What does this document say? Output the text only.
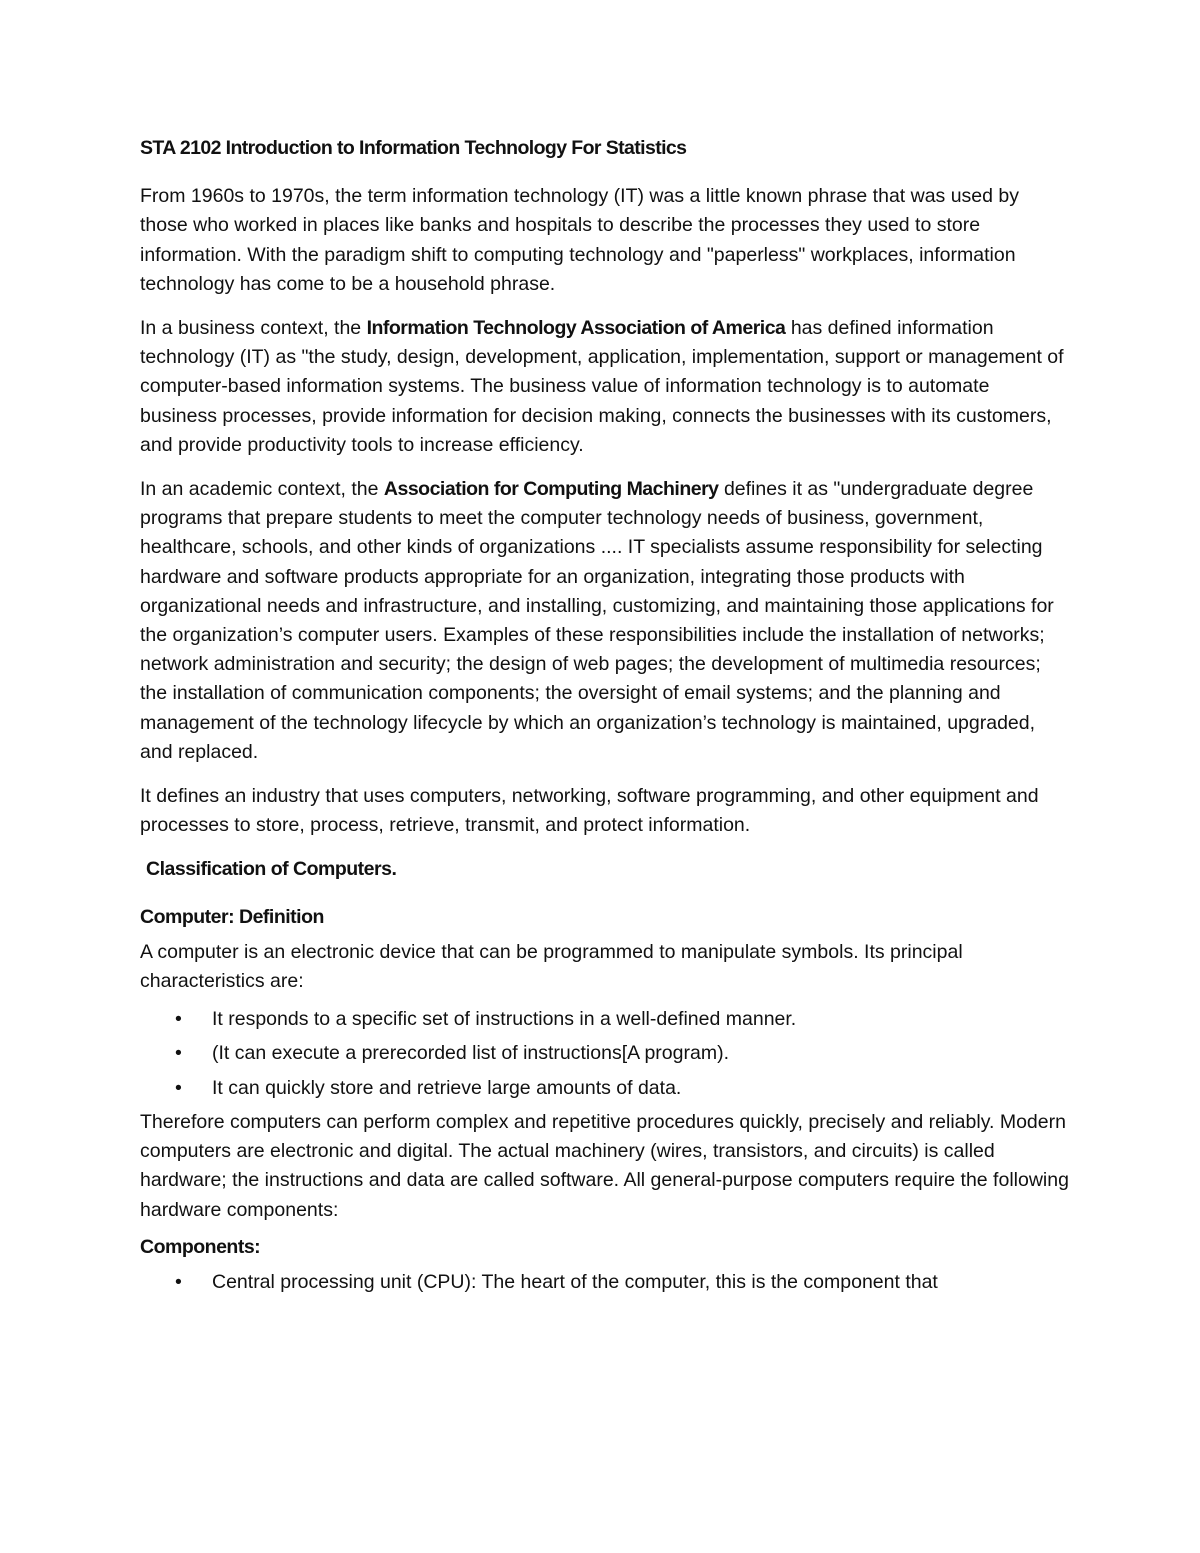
STA 2102 Introduction to Information Technology For Statistics

From 1960s to 1970s, the term information technology (IT) was a little known phrase that was used by those who worked in places like banks and hospitals to describe the processes they used to store information. With the paradigm shift to computing technology and "paperless" workplaces, information technology has come to be a household phrase.

In a business context, the Information Technology Association of America has defined information technology (IT) as "the study, design, development, application, implementation, support or management of computer-based information systems. The business value of information technology is to automate business processes, provide information for decision making, connects the businesses with its customers, and provide productivity tools to increase efficiency.

In an academic context, the Association for Computing Machinery defines it as "undergraduate degree programs that prepare students to meet the computer technology needs of business, government, healthcare, schools, and other kinds of organizations .... IT specialists assume responsibility for selecting hardware and software products appropriate for an organization, integrating those products with organizational needs and infrastructure, and installing, customizing, and maintaining those applications for the organization’s computer users. Examples of these responsibilities include the installation of networks; network administration and security; the design of web pages; the development of multimedia resources; the installation of communication components; the oversight of email systems; and the planning and management of the technology lifecycle by which an organization’s technology is maintained, upgraded, and replaced.

It defines an industry that uses computers, networking, software programming, and other equipment and processes to store, process, retrieve, transmit, and protect information.

Classification of Computers.
Computer: Definition

A computer is an electronic device that can be programmed to manipulate symbols. Its principal characteristics are:

• It responds to a specific set of instructions in a well-defined manner.
• (It can execute a prerecorded list of instructions[A program).
• It can quickly store and retrieve large amounts of data.

Therefore computers can perform complex and repetitive procedures quickly, precisely and reliably. Modern computers are electronic and digital. The actual machinery (wires, transistors, and circuits) is called hardware; the instructions and data are called software. All general-purpose computers require the following hardware components:

Components:
• Central processing unit (CPU): The heart of the computer, this is the component that
